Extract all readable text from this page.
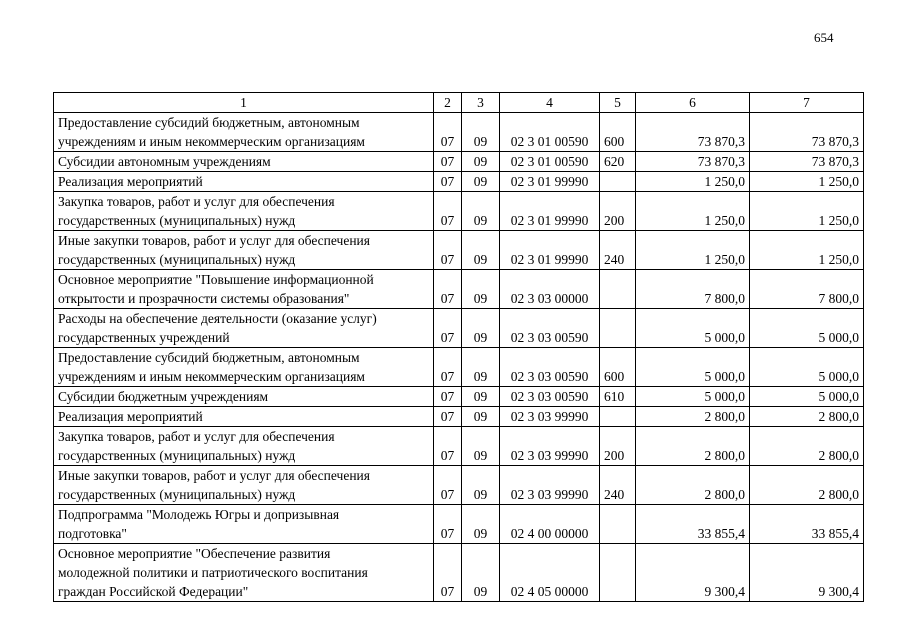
654
1	2	3	4	5	6	7
Предоставление субсидий бюджетным, автономным
учреждениям и иным некоммерческим организациям	07	09	02 3 01 00590	600	73 870,3	73 870,3
Субсидии автономным учреждениям	07	09	02 3 01 00590	620	73 870,3	73 870,3
Реализация мероприятий	07	09	02 3 01 99990		1 250,0	1 250,0
Закупка товаров, работ и услуг для обеспечения
государственных (муниципальных) нужд	07	09	02 3 01 99990	200	1 250,0	1 250,0
Иные закупки товаров, работ и услуг для обеспечения
государственных (муниципальных) нужд	07	09	02 3 01 99990	240	1 250,0	1 250,0
Основное мероприятие "Повышение информационной
открытости и прозрачности системы образования"	07	09	02 3 03 00000		7 800,0	7 800,0
Расходы на обеспечение деятельности (оказание услуг)
государственных учреждений	07	09	02 3 03 00590		5 000,0	5 000,0
Предоставление субсидий бюджетным, автономным
учреждениям и иным некоммерческим организациям	07	09	02 3 03 00590	600	5 000,0	5 000,0
Субсидии бюджетным учреждениям	07	09	02 3 03 00590	610	5 000,0	5 000,0
Реализация мероприятий	07	09	02 3 03 99990		2 800,0	2 800,0
Закупка товаров, работ и услуг для обеспечения
государственных (муниципальных) нужд	07	09	02 3 03 99990	200	2 800,0	2 800,0
Иные закупки товаров, работ и услуг для обеспечения
государственных (муниципальных) нужд	07	09	02 3 03 99990	240	2 800,0	2 800,0
Подпрограмма "Молодежь Югры и допризывная
подготовка"	07	09	02 4 00 00000		33 855,4	33 855,4
Основное мероприятие "Обеспечение развития
молодежной политики и патриотического воспитания
граждан Российской Федерации"	07	09	02 4 05 00000		9 300,4	9 300,4
